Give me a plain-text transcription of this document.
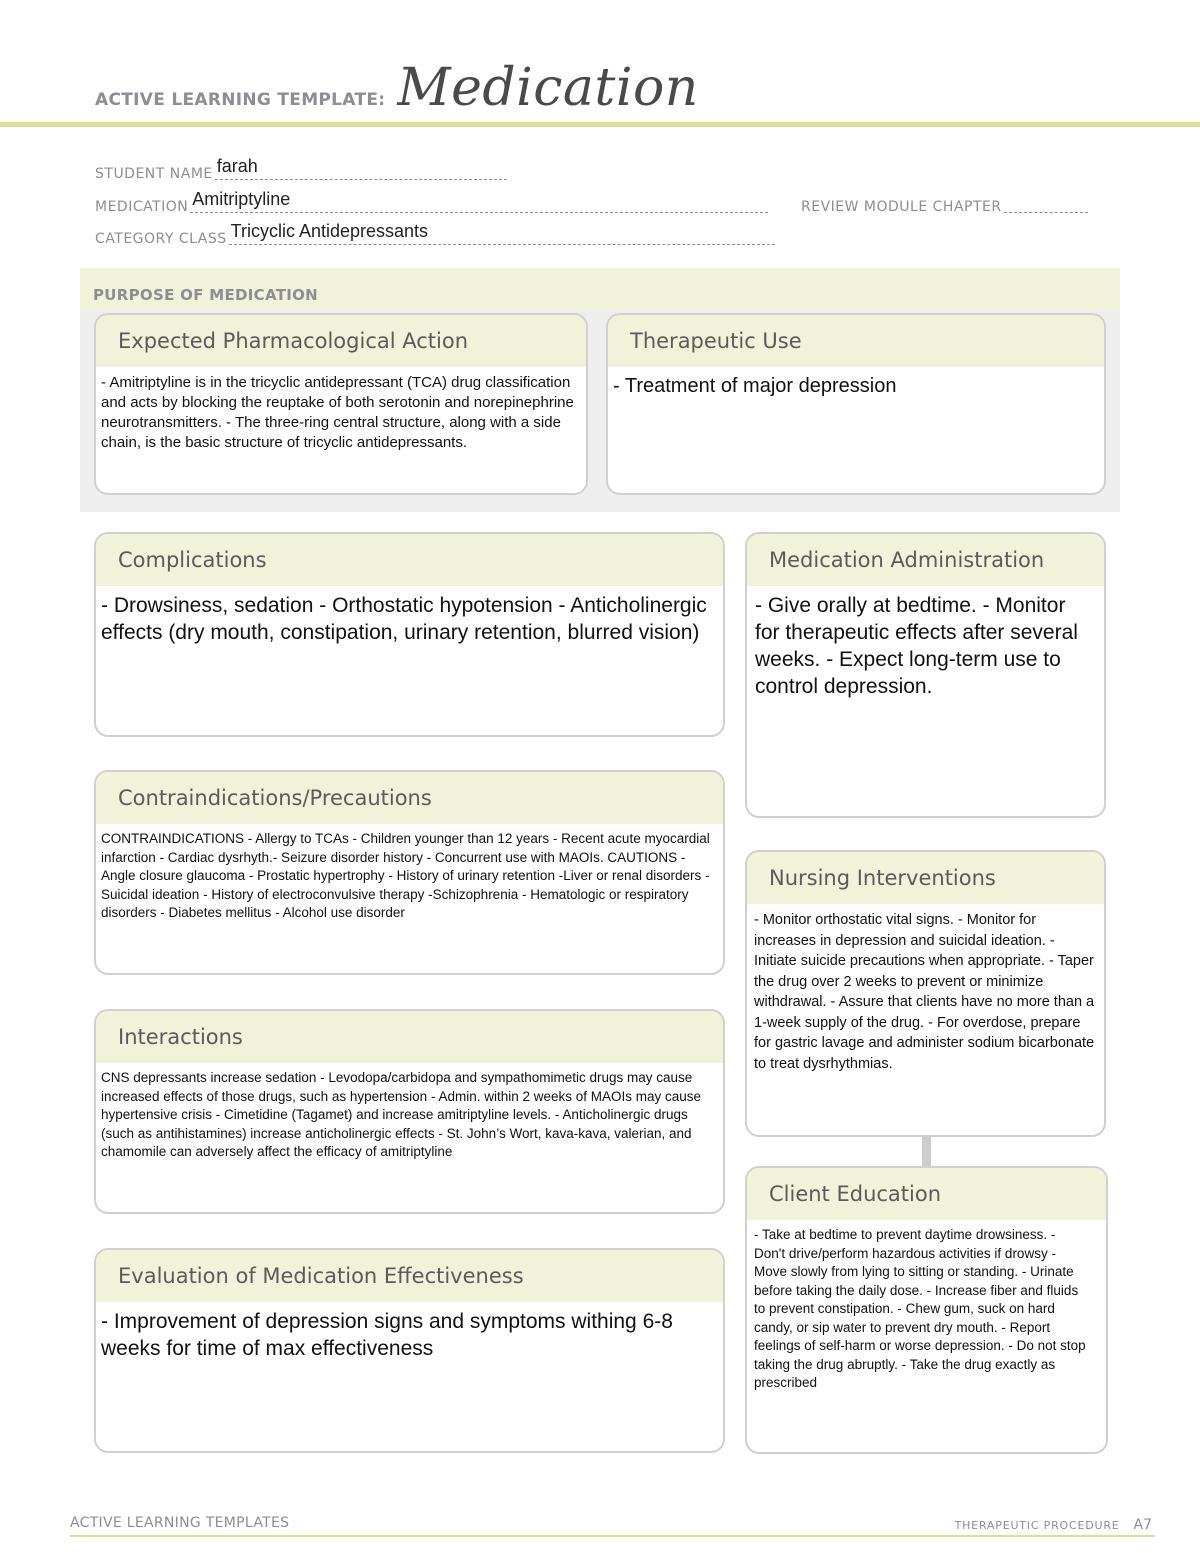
ACTIVE LEARNING TEMPLATE: Medication
STUDENT NAME farah
MEDICATION Amitriptyline	REVIEW MODULE CHAPTER
CATEGORY CLASS Tricyclic Antidepressants
PURPOSE OF MEDICATION
Expected Pharmacological Action
- Amitriptyline is in the tricyclic antidepressant (TCA) drug classification and acts by blocking the reuptake of both serotonin and norepinephrine neurotransmitters. - The three-ring central structure, along with a side chain, is the basic structure of tricyclic antidepressants.
Therapeutic Use
- Treatment of major depression
Complications
- Drowsiness, sedation - Orthostatic hypotension - Anticholinergic effects (dry mouth, constipation, urinary retention, blurred vision)
Contraindications/Precautions
CONTRAINDICATIONS - Allergy to TCAs - Children younger than 12 years - Recent acute myocardial infarction - Cardiac dysrhyth.- Seizure disorder history - Concurrent use with MAOIs. CAUTIONS - Angle closure glaucoma - Prostatic hypertrophy - History of urinary retention -Liver or renal disorders - Suicidal ideation - History of electroconvulsive therapy -Schizophrenia - Hematologic or respiratory disorders - Diabetes mellitus - Alcohol use disorder
Interactions
CNS depressants increase sedation - Levodopa/carbidopa and sympathomimetic drugs may cause increased effects of those drugs, such as hypertension - Admin. within 2 weeks of MAOIs may cause hypertensive crisis - Cimetidine (Tagamet) and increase amitriptyline levels. - Anticholinergic drugs (such as antihistamines) increase anticholinergic effects - St. John’s Wort, kava-kava, valerian, and chamomile can adversely affect the efficacy of amitriptyline
Evaluation of Medication Effectiveness
- Improvement of depression signs and symptoms withing 6-8 weeks for time of max effectiveness
Medication Administration
- Give orally at bedtime. - Monitor for therapeutic effects after several weeks. - Expect long-term use to control depression.
Nursing Interventions
- Monitor orthostatic vital signs. - Monitor for increases in depression and suicidal ideation. - Initiate suicide precautions when appropriate. - Taper the drug over 2 weeks to prevent or minimize withdrawal. - Assure that clients have no more than a 1-week supply of the drug. - For overdose, prepare for gastric lavage and administer sodium bicarbonate to treat dysrhythmias.
Client Education
- Take at bedtime to prevent daytime drowsiness. - Don't drive/perform hazardous activities if drowsy - Move slowly from lying to sitting or standing. - Urinate before taking the daily dose. - Increase fiber and fluids to prevent constipation. - Chew gum, suck on hard candy, or sip water to prevent dry mouth. - Report feelings of self-harm or worse depression. - Do not stop taking the drug abruptly. - Take the drug exactly as prescribed
ACTIVE LEARNING TEMPLATES	THERAPEUTIC PROCEDURE A7
